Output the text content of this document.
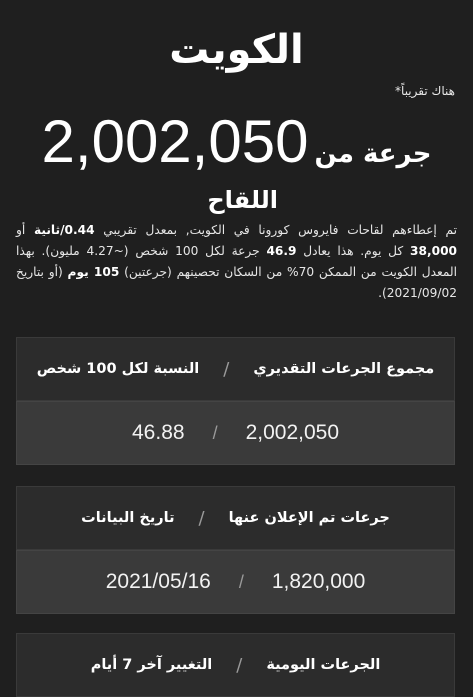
الكويت
هناك تقريباً*
جرعة من
2,002,050
اللقاح

تم إعطاءهم لقاحات فايروس كورونا في الكويت, بمعدل تقريبي 0.44/ثانية أو 38,000 كل يوم. هذا يعادل 46.9 جرعة لكل 100 شخص (~4.27 مليون). بهذا المعدل الكويت من الممكن 70% من السكان تحصينهم (جرعتين) 105 يوم (أو بتاريخ 2021/09/02).

مجموع الجرعات التقديري
/
النسبة لكل 100 شخص
2,002,050
/
46.88
جرعات تم الإعلان عنها
/
تاريخ البيانات
1,820,000
/
2021/05/16
الجرعات اليومية
/
التغيير آخر 7 أيام
